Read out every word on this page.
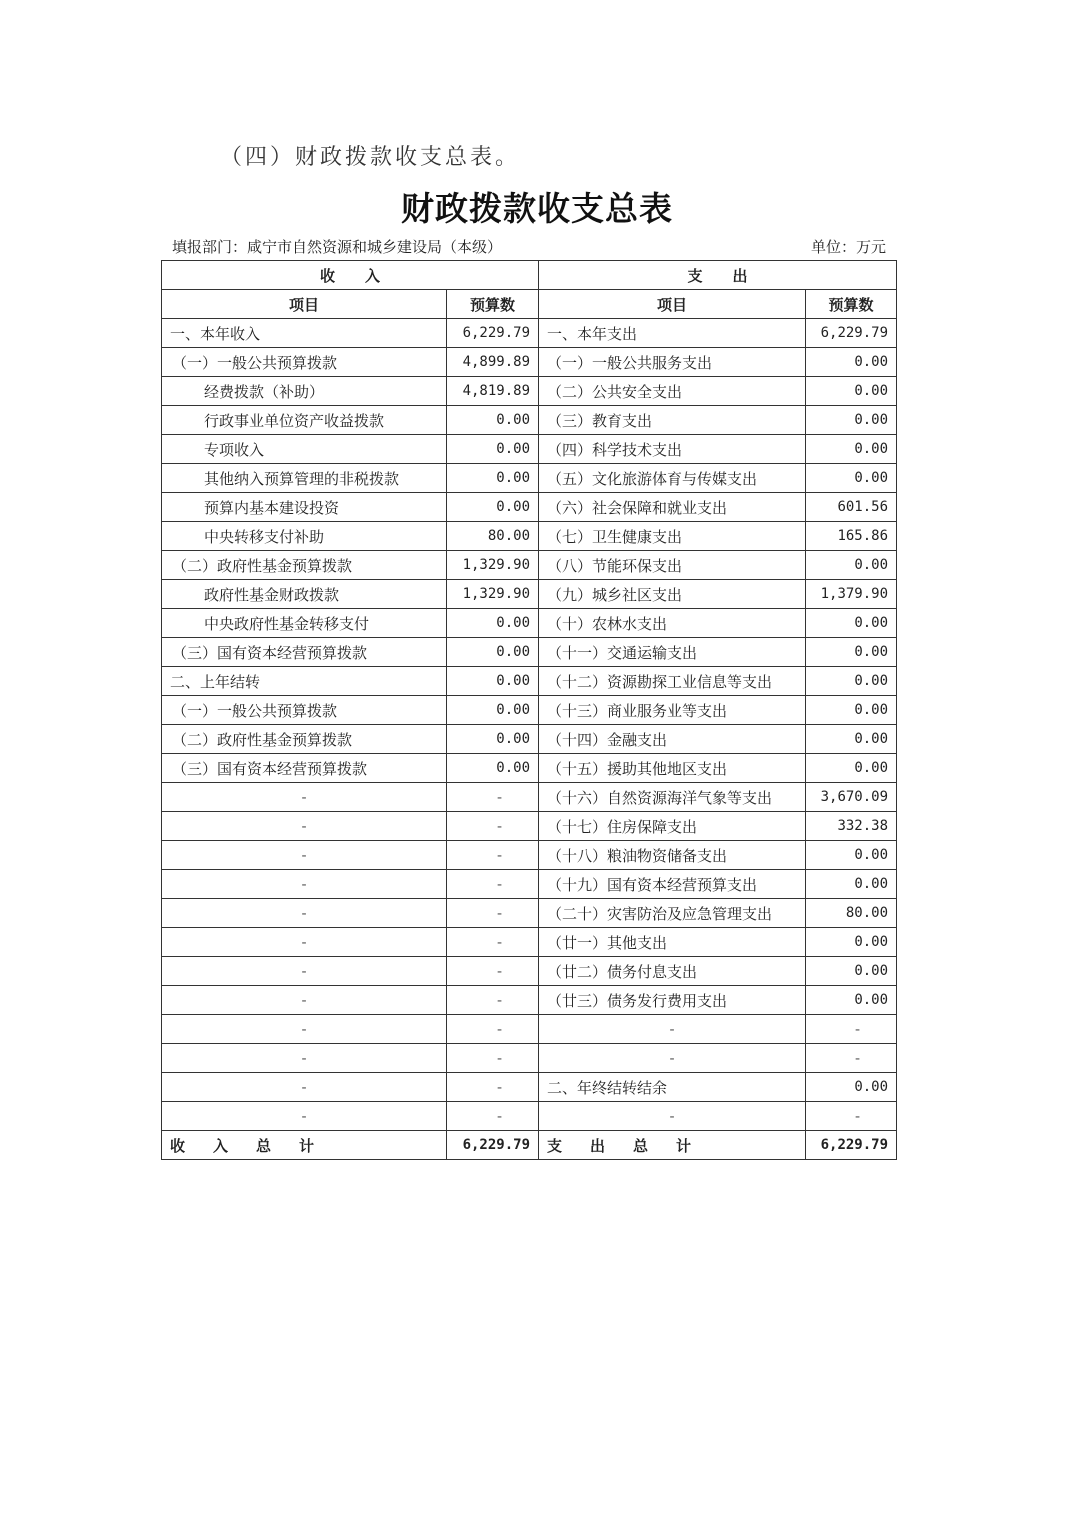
（四）财政拨款收支总表。
财政拨款收支总表
填报部门：咸宁市自然资源和城乡建设局（本级）	单位：万元
收　　入		支　　出	
项目	预算数	项目	预算数
一、本年收入	6,229.79	一、本年支出	6,229.79
（一）一般公共预算拨款	4,899.89	（一）一般公共服务支出	0.00
经费拨款（补助）	4,819.89	（二）公共安全支出	0.00
行政事业单位资产收益拨款	0.00	（三）教育支出	0.00
专项收入	0.00	（四）科学技术支出	0.00
其他纳入预算管理的非税拨款	0.00	（五）文化旅游体育与传媒支出	0.00
预算内基本建设投资	0.00	（六）社会保障和就业支出	601.56
中央转移支付补助	80.00	（七）卫生健康支出	165.86
（二）政府性基金预算拨款	1,329.90	（八）节能环保支出	0.00
政府性基金财政拨款	1,329.90	（九）城乡社区支出	1,379.90
中央政府性基金转移支付	0.00	（十）农林水支出	0.00
（三）国有资本经营预算拨款	0.00	（十一）交通运输支出	0.00
二、上年结转	0.00	（十二）资源勘探工业信息等支出	0.00
（一）一般公共预算拨款	0.00	（十三）商业服务业等支出	0.00
（二）政府性基金预算拨款	0.00	（十四）金融支出	0.00
（三）国有资本经营预算拨款	0.00	（十五）援助其他地区支出	0.00
-	-	（十六）自然资源海洋气象等支出	3,670.09
-	-	（十七）住房保障支出	332.38
-	-	（十八）粮油物资储备支出	0.00
-	-	（十九）国有资本经营预算支出	0.00
-	-	（二十）灾害防治及应急管理支出	80.00
-	-	（廿一）其他支出	0.00
-	-	（廿二）债务付息支出	0.00
-	-	（廿三）债务发行费用支出	0.00
-	-	-	-
-	-	-	-
-	-	二、年终结转结余	0.00
-	-	-	-
收入总计	6,229.79	支出总计	6,229.79
